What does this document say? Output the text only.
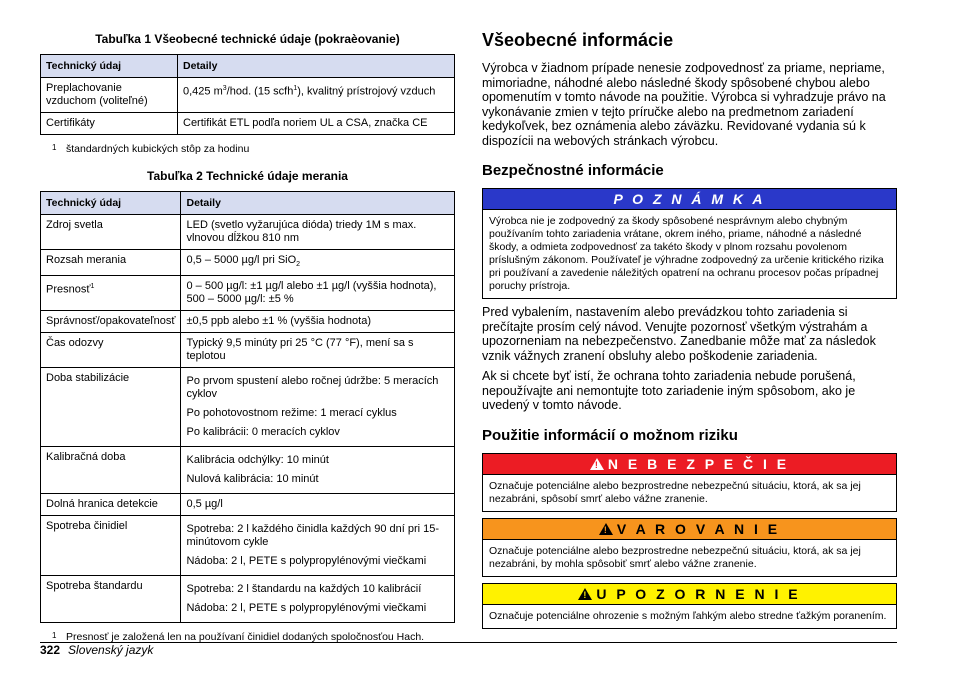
Tabuľka 1 Všeobecné technické údaje (pokraèovanie)
Technický údaj	Detaily
Preplachovanie vzduchom (voliteľné)	0,425 $m^3$/hod. (15 scfh$^1$), kvalitný prístrojový vzduch
Certifikáty	Certifikát ETL podľa noriem UL a CSA, značka CE
1 štandardných kubických stôp za hodinu
Tabuľka 2 Technické údaje merania
Technický údaj	Detaily
Zdroj svetla	LED (svetlo vyžarujúca dióda) triedy 1M s max. vlnovou dĺžkou 810 nm
Rozsah merania	0,5 – 5000 µg/l pri SiO$_2$
Presnosť$^1$	0 – 500 µg/l: ±1 µg/l alebo ±1 µg/l (vyššia hodnota), 500 – 5000 µg/l: ±5 %
Správnosť/opakovateľnosť	±0,5 ppb alebo ±1 % (vyššia hodnota)
Čas odozvy	Typický 9,5 minúty pri 25 °C (77 °F), mení sa s teplotou
Doba stabilizácie	Po prvom spustení alebo ročnej údržbe: 5 meracích cyklov
Po pohotovostnom režime: 1 merací cyklus
Po kalibrácii: 0 meracích cyklov

Kalibračná doba	Kalibrácia odchýlky: 10 minút
Nulová kalibrácia: 10 minút

Dolná hranica detekcie	0,5 µg/l
Spotreba činidiel	Spotreba: 2 l každého činidla každých 90 dní pri 15-minútovom cykle
Nádoba: 2 l, PETE s polypropylénovými viečkami

Spotreba štandardu	Spotreba: 2 l štandardu na každých 10 kalibrácií
Nádoba: 2 l, PETE s polypropylénovými viečkami
1 Presnosť je založená len na používaní činidiel dodaných spoločnosťou Hach.
Všeobecné informácie

Výrobca v žiadnom prípade nenesie zodpovednosť za priame, nepriame, mimoriadne, náhodné alebo následné škody spôsobené chybou alebo opomenutím v tomto návode na použitie. Výrobca si vyhradzuje právo na vykonávanie zmien v tejto príručke alebo na predmetnom zariadení kedykoľvek, bez oznámenia alebo záväzku. Revidované vydania sú k dispozícii na webových stránkach výrobcu.

Bezpečnostné informácie
P O Z N Á M K A
Výrobca nie je zodpovedný za škody spôsobené nesprávnym alebo chybným používaním tohto zariadenia vrátane, okrem iného, priame, náhodné a následné škody, a odmieta zodpovednosť za takéto škody v plnom rozsahu povolenom príslušným zákonom. Používateľ je výhradne zodpovedný za určenie kritického rizika pri používaní a zavedenie náležitých opatrení na ochranu procesov počas prípadnej poruchy prístroja.

Pred vybalením, nastavením alebo prevádzkou tohto zariadenia si prečítajte prosím celý návod. Venujte pozornosť všetkým výstrahám a upozorneniam na nebezpečenstvo. Zanedbanie môže mať za následok vznik vážnych zranení obsluhy alebo poškodenie zariadenia.

Ak si chcete byť istí, že ochrana tohto zariadenia nebude porušená, nepoužívajte ani nemontujte toto zariadenie iným spôsobom, ako je uvedený v tomto návode.

Použitie informácií o možnom riziku
! N E B E Z P E Č I E
Označuje potenciálne alebo bezprostredne nebezpečnú situáciu, ktorá, ak sa jej nezabráni, spôsobí smrť alebo vážne zranenie.
! V A R O V A N I E
Označuje potenciálne alebo bezprostredne nebezpečnú situáciu, ktorá, ak sa jej nezabráni, by mohla spôsobiť smrť alebo vážne zranenie.
! U P O Z O R N E N I E
Označuje potenciálne ohrozenie s možným ľahkým alebo stredne ťažkým poranením.
322 Slovenský jazyk
